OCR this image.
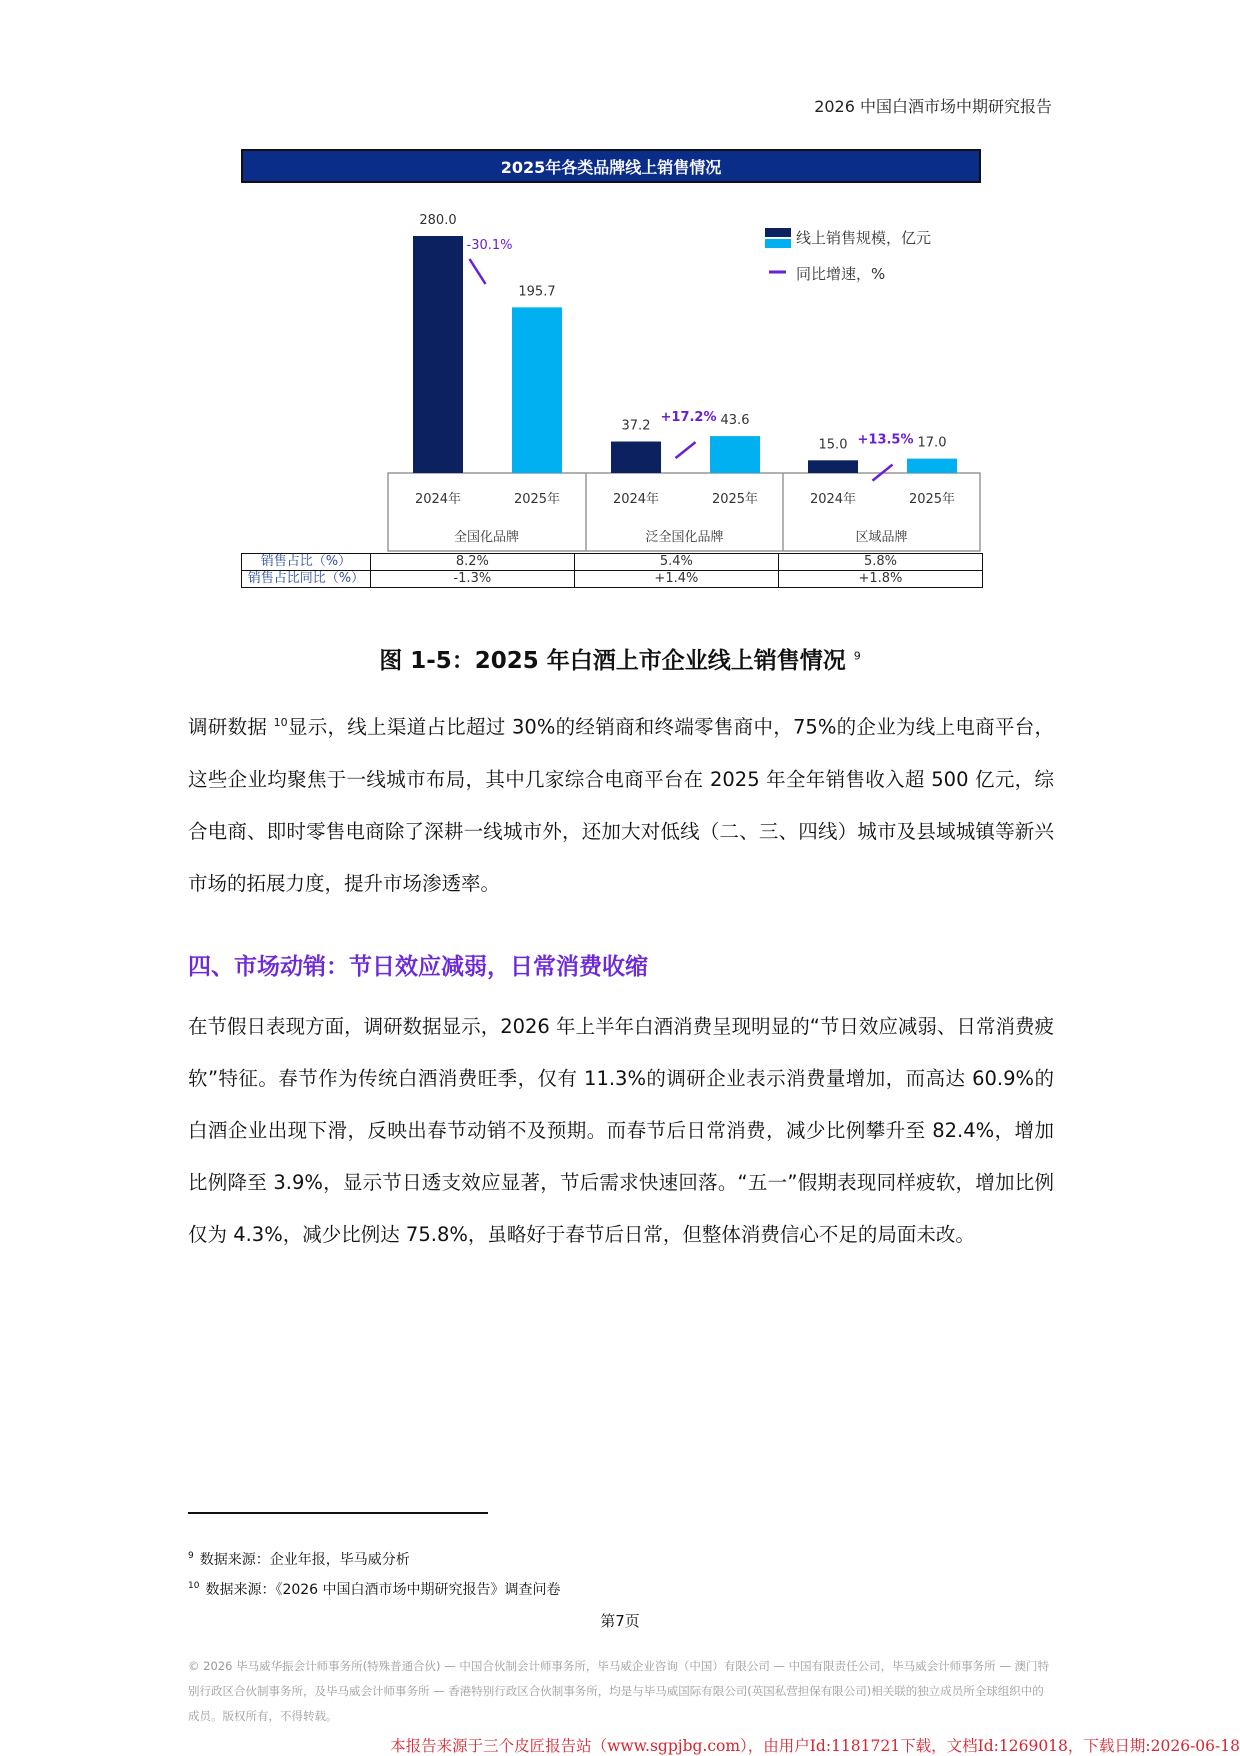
2026 中国白酒市场中期研究报告
2025年各类品牌线上销售情况
280.0
2024年
195.7
2025年
全国化品牌
-30.1%
37.2
2024年
43.6
2025年
泛全国化品牌
+17.2%
15.0
2024年
17.0
2025年
区域品牌
+13.5%
线上销售规模，亿元
同比增速，%
销售占比（%）	8.2%	5.4%	5.8%
销售占比同比（%）	-1.3%	+1.4%	+1.8%
图 1-5：2025 年白酒上市企业线上销售情况 $^9$

调研数据 $^{10}$显示，线上渠道占比超过 30%的经销商和终端零售商中，75%的企业为线上电商平台，这些企业均聚焦于一线城市布局，其中几家综合电商平台在 2025 年全年销售收入超 500 亿元，综合电商、即时零售电商除了深耕一线城市外，还加大对低线（二、三、四线）城市及县域城镇等新兴市场的拓展力度，提升市场渗透率。

四、市场动销：节日效应减弱，日常消费收缩

在节假日表现方面，调研数据显示，2026 年上半年白酒消费呈现明显的“节日效应减弱、日常消费疲软”特征。春节作为传统白酒消费旺季，仅有 11.3%的调研企业表示消费量增加，而高达 60.9%的白酒企业出现下滑，反映出春节动销不及预期。而春节后日常消费，减少比例攀升至 82.4%，增加比例降至 3.9%，显示节日透支效应显著，节后需求快速回落。“五一”假期表现同样疲软，增加比例仅为 4.3%，减少比例达 75.8%，虽略好于春节后日常，但整体消费信心不足的局面未改。

$^9$ 数据来源：企业年报，毕马威分析
$^{10}$ 数据来源：《2026 中国白酒市场中期研究报告》调查问卷
第7页

© 2026 毕马威华振会计师事务所(特殊普通合伙) — 中国合伙制会计师事务所，毕马威企业咨询（中国）有限公司 — 中国有限责任公司，毕马威会计师事务所 — 澳门特别行政区合伙制事务所，及毕马威会计师事务所 — 香港特别行政区合伙制事务所，均是与毕马威国际有限公司(英国私营担保有限公司)相关联的独立成员所全球组织中的成员。版权所有，不得转载。

本报告来源于三个皮匠报告站（www.sgpjbg.com），由用户Id:1181721下载，文档Id:1269018，下载日期:2026-06-18
